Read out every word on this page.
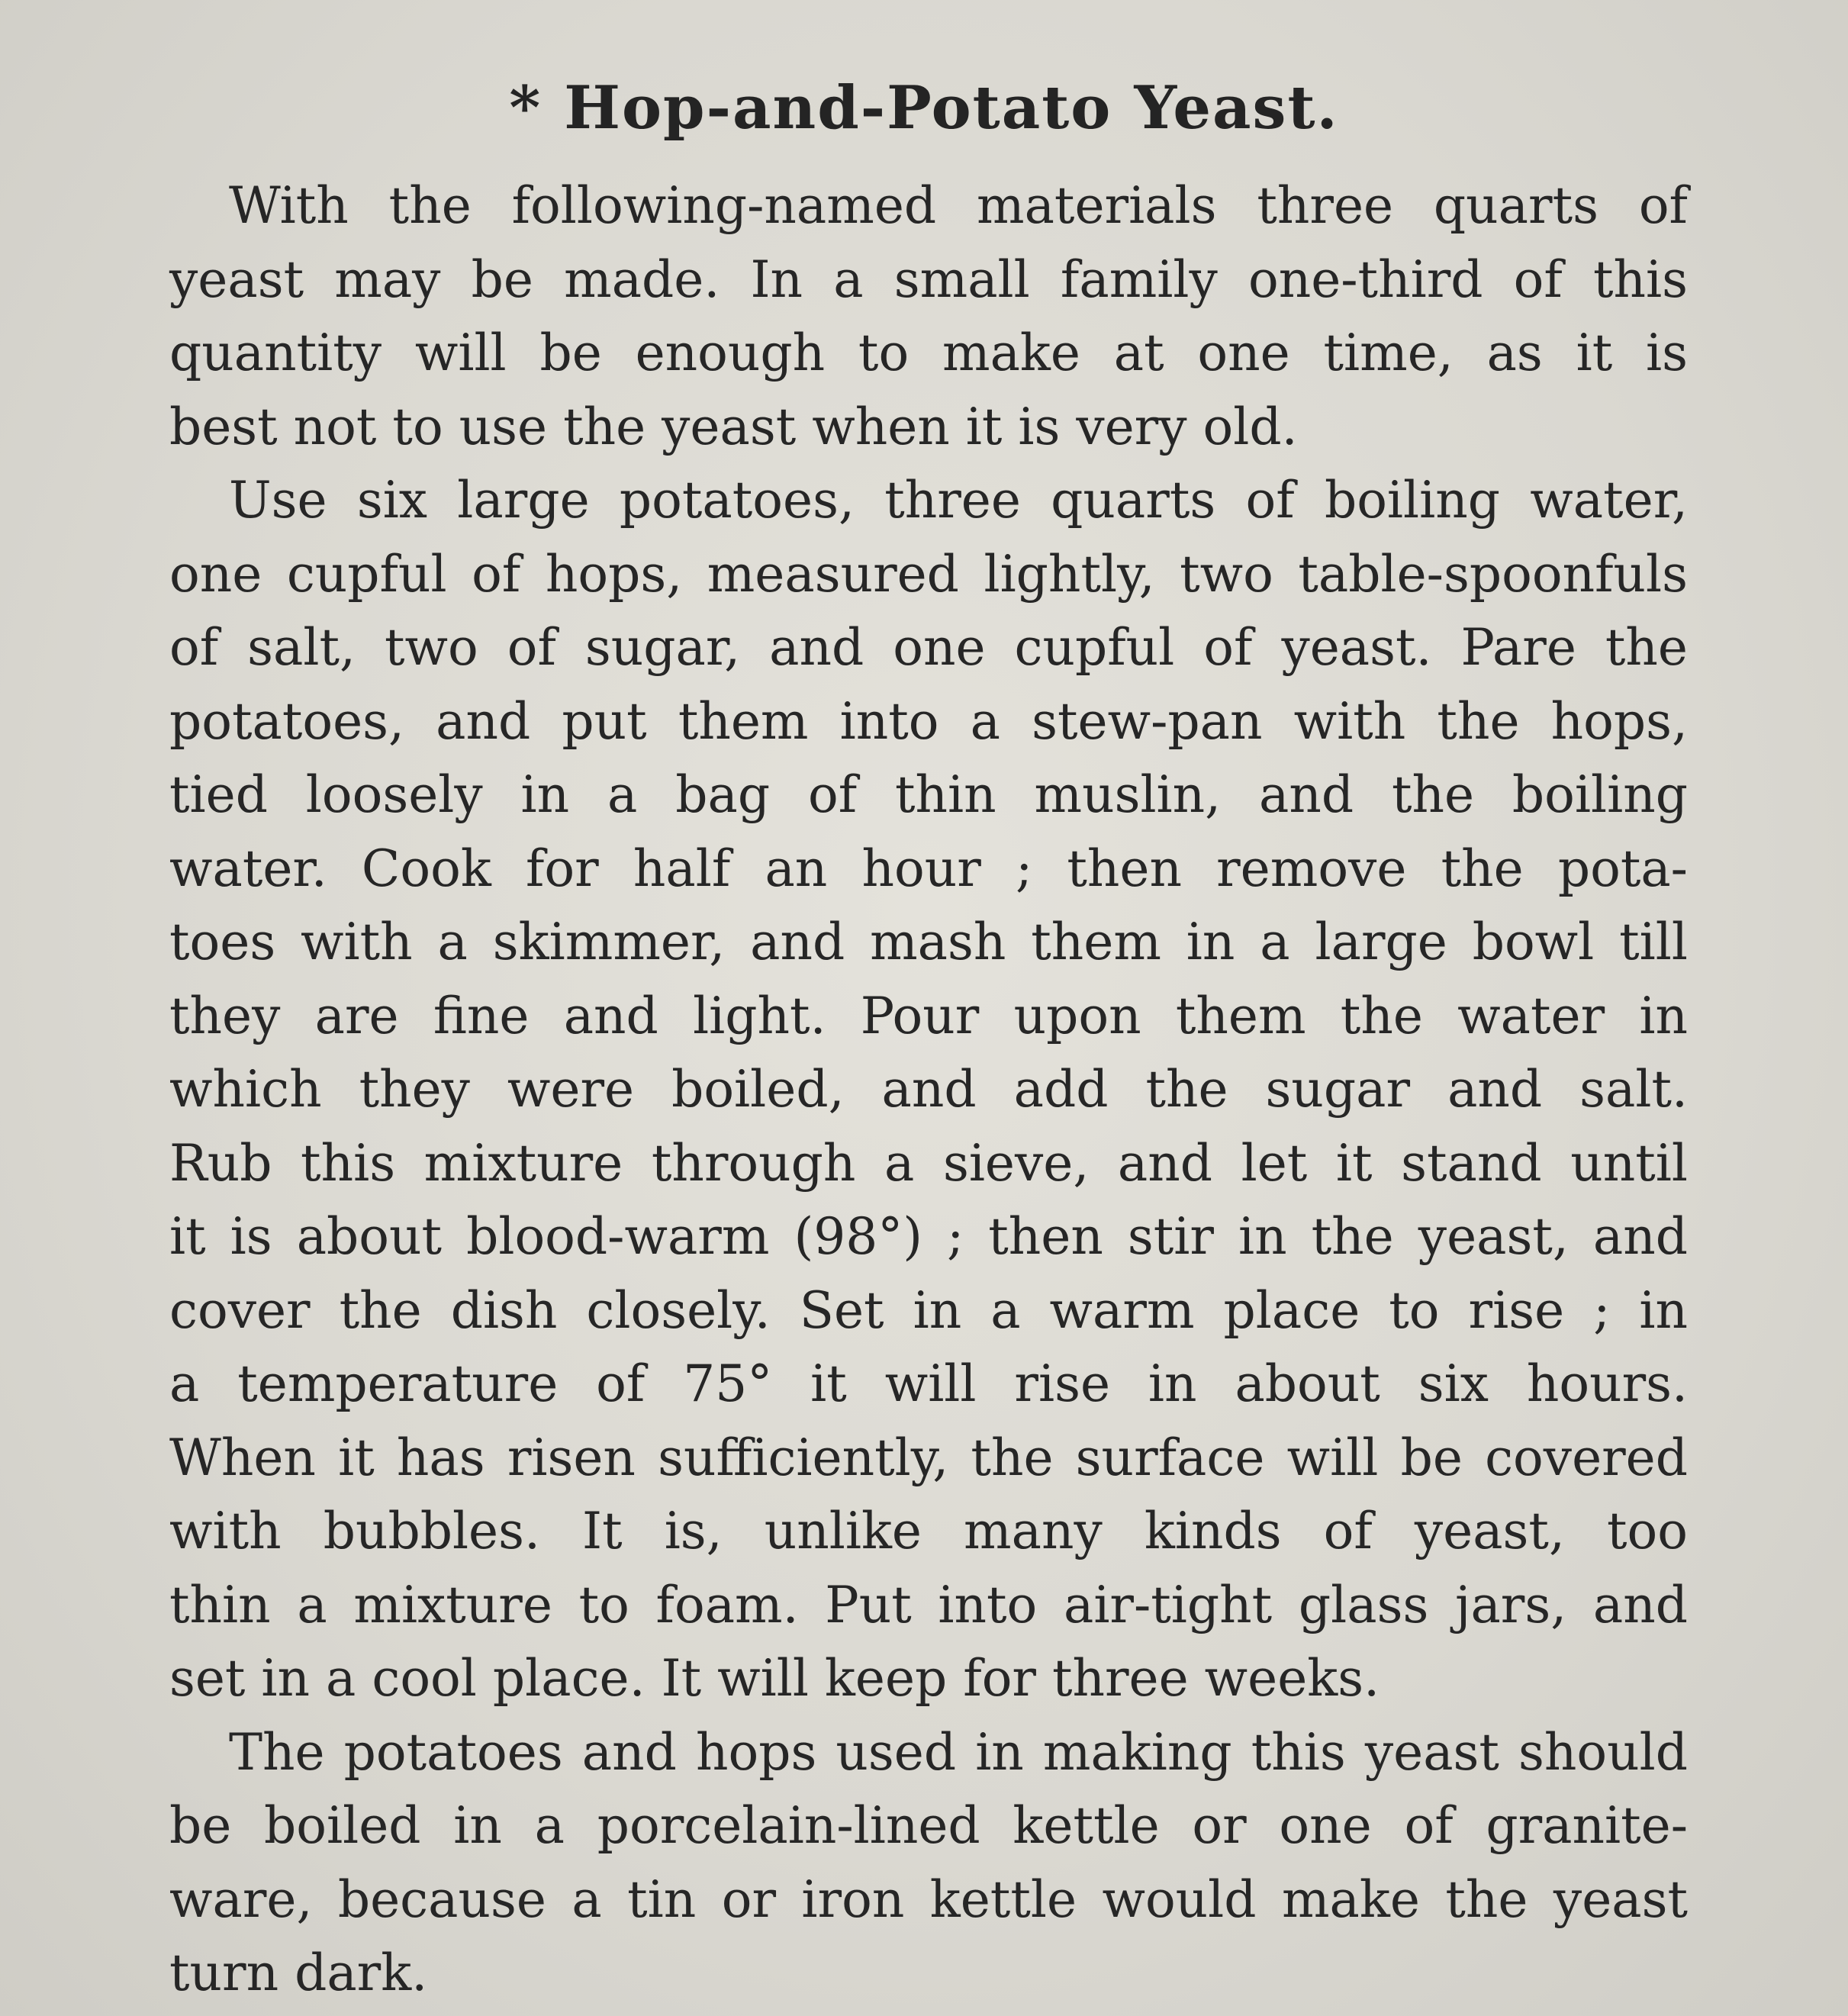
* Hop-and-Potato Yeast.
With the following-named materials three quarts of
yeast may be made. In a small family one-third of this
quantity will be enough to make at one time, as it is
best not to use the yeast when it is very old.
Use six large potatoes, three quarts of boiling water,
one cupful of hops, measured lightly, two table-spoonfuls
of salt, two of sugar, and one cupful of yeast. Pare the
potatoes, and put them into a stew-pan with the hops,
tied loosely in a bag of thin muslin, and the boiling
water. Cook for half an hour ; then remove the pota-
toes with a skimmer, and mash them in a large bowl till
they are fine and light. Pour upon them the water in
which they were boiled, and add the sugar and salt.
Rub this mixture through a sieve, and let it stand until
it is about blood-warm (98°) ; then stir in the yeast, and
cover the dish closely. Set in a warm place to rise ; in
a temperature of 75° it will rise in about six hours.
When it has risen sufficiently, the surface will be covered
with bubbles. It is, unlike many kinds of yeast, too
thin a mixture to foam. Put into air-tight glass jars, and
set in a cool place. It will keep for three weeks.
The potatoes and hops used in making this yeast should
be boiled in a porcelain-lined kettle or one of granite-
ware, because a tin or iron kettle would make the yeast
turn dark.
